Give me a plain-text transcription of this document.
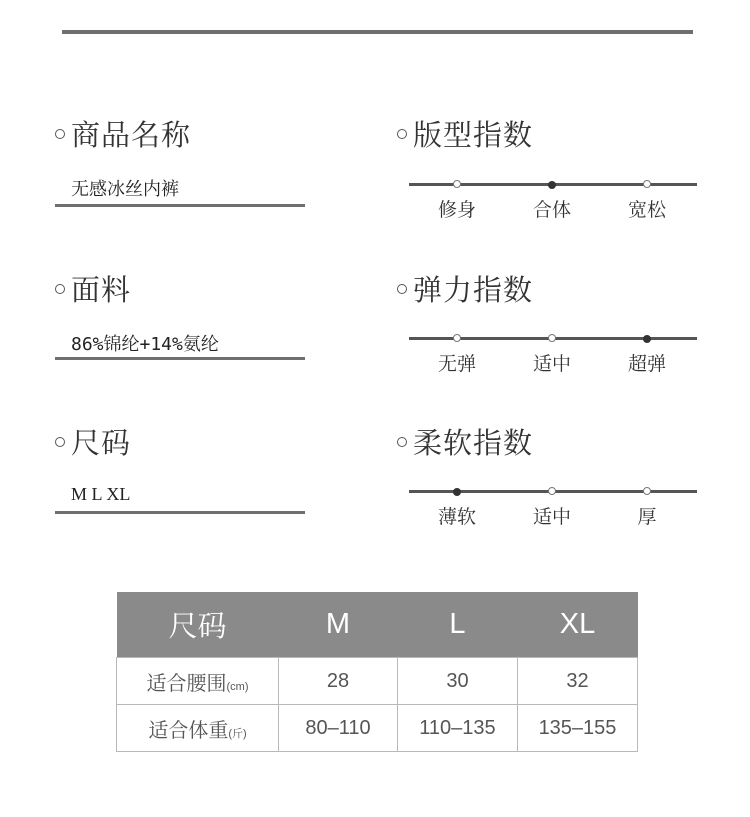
商品名称
无感冰丝内裤
面料
86%锦纶+14%氨纶
尺码
M L XL
版型指数
弹力指数
柔软指数
尺码	M	L	XL
适合腰围(cm)	28	30	32
适合体重(斤)	80–110	110–135	135–155
修身	合体	宽松
无弹	适中	超弹
薄软	适中	厚
